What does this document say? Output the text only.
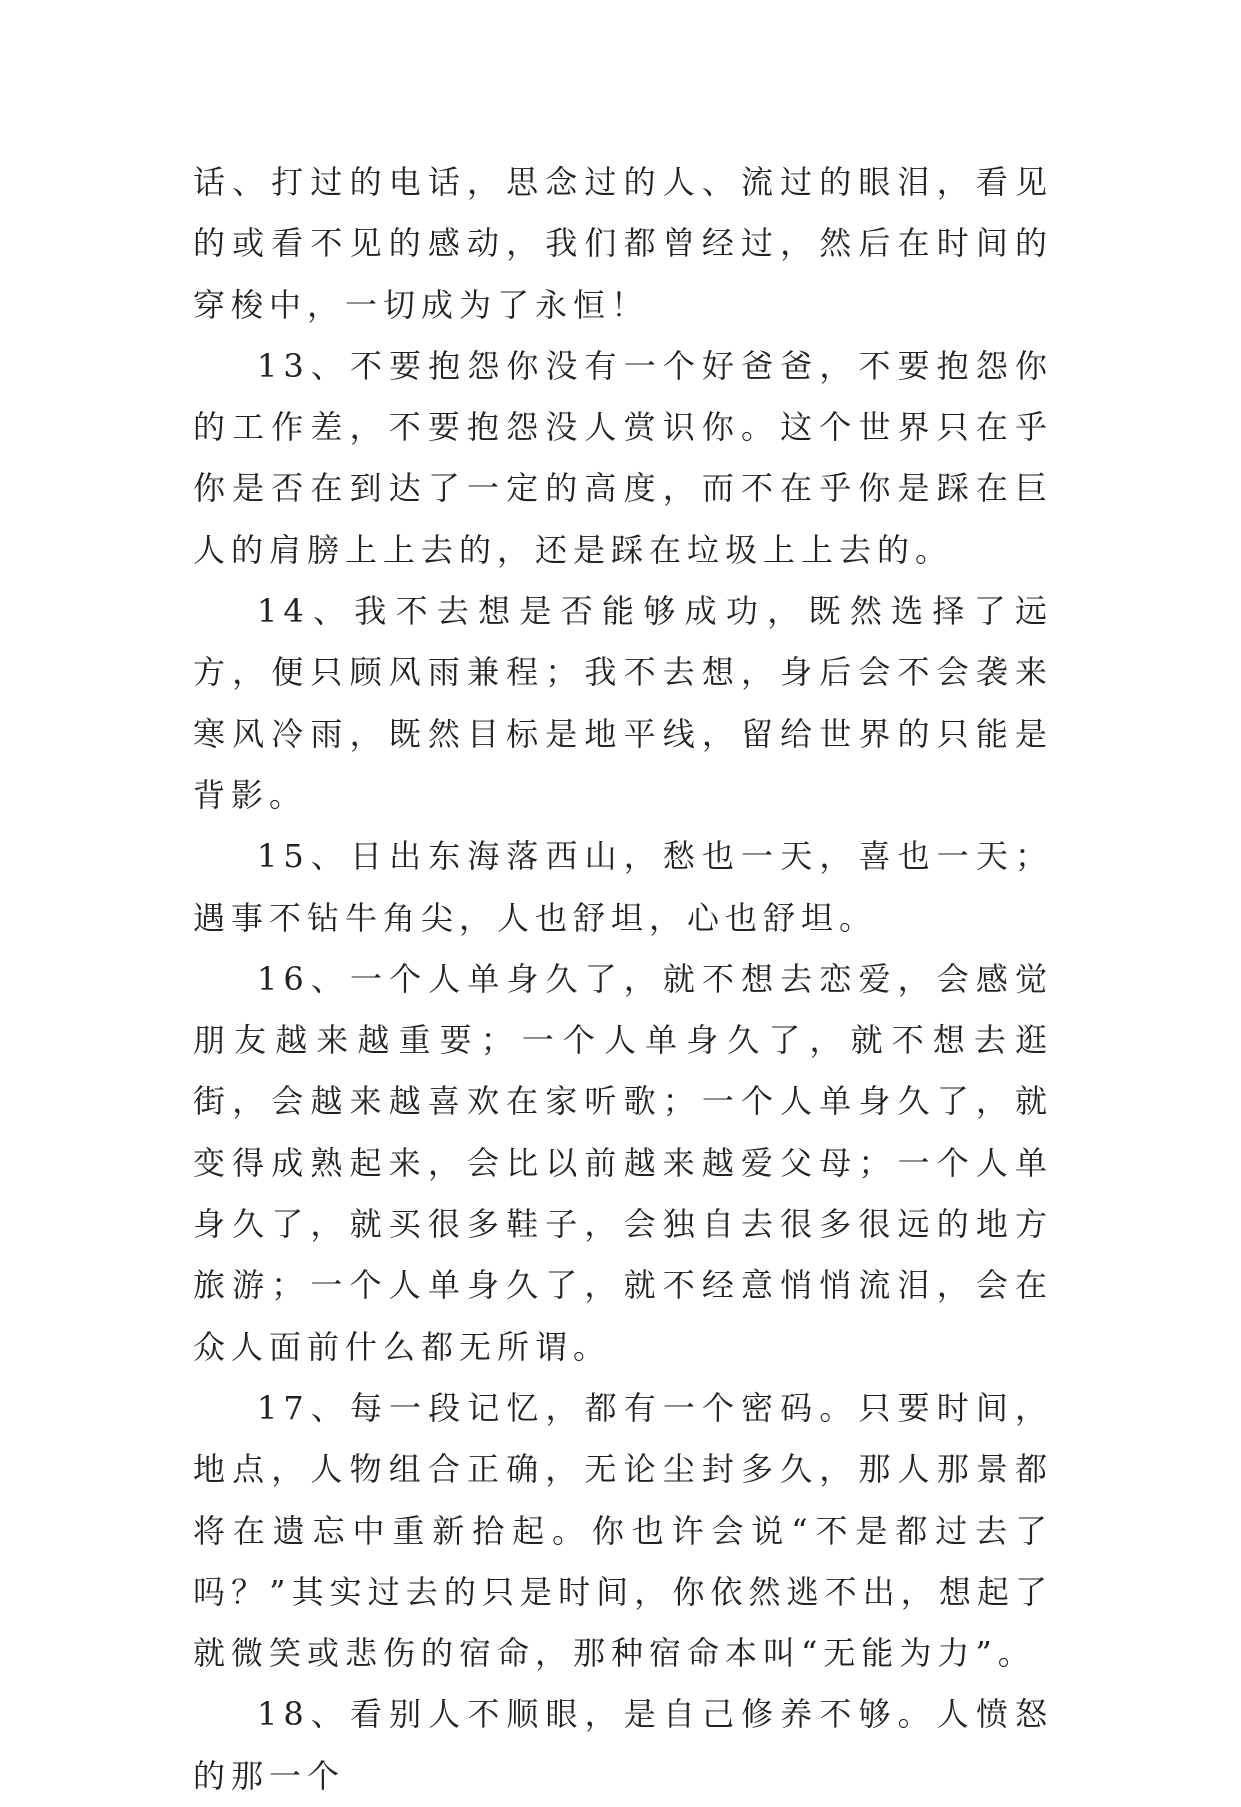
话、打过的电话，思念过的人、流过的眼泪，看见的或看不见的感动，我们都曾经过，然后在时间的穿梭中，一切成为了永恒！

13、不要抱怨你没有一个好爸爸，不要抱怨你的工作差，不要抱怨没人赏识你。这个世界只在乎你是否在到达了一定的高度，而不在乎你是踩在巨人的肩膀上上去的，还是踩在垃圾上上去的。

14、我不去想是否能够成功，既然选择了远方，便只顾风雨兼程；我不去想，身后会不会袭来寒风冷雨，既然目标是地平线，留给世界的只能是背影。

15、日出东海落西山，愁也一天，喜也一天；遇事不钻牛角尖，人也舒坦，心也舒坦。

16、一个人单身久了，就不想去恋爱，会感觉朋友越来越重要；一个人单身久了，就不想去逛街，会越来越喜欢在家听歌；一个人单身久了，就变得成熟起来，会比以前越来越爱父母；一个人单身久了，就买很多鞋子，会独自去很多很远的地方旅游；一个人单身久了，就不经意悄悄流泪，会在众人面前什么都无所谓。

17、每一段记忆，都有一个密码。只要时间，地点，人物组合正确，无论尘封多久，那人那景都将在遗忘中重新拾起。你也许会说“不是都过去了吗？”其实过去的只是时间，你依然逃不出，想起了就微笑或悲伤的宿命，那种宿命本叫“无能为力”。

18、看别人不顺眼，是自己修养不够。人愤怒的那一个
